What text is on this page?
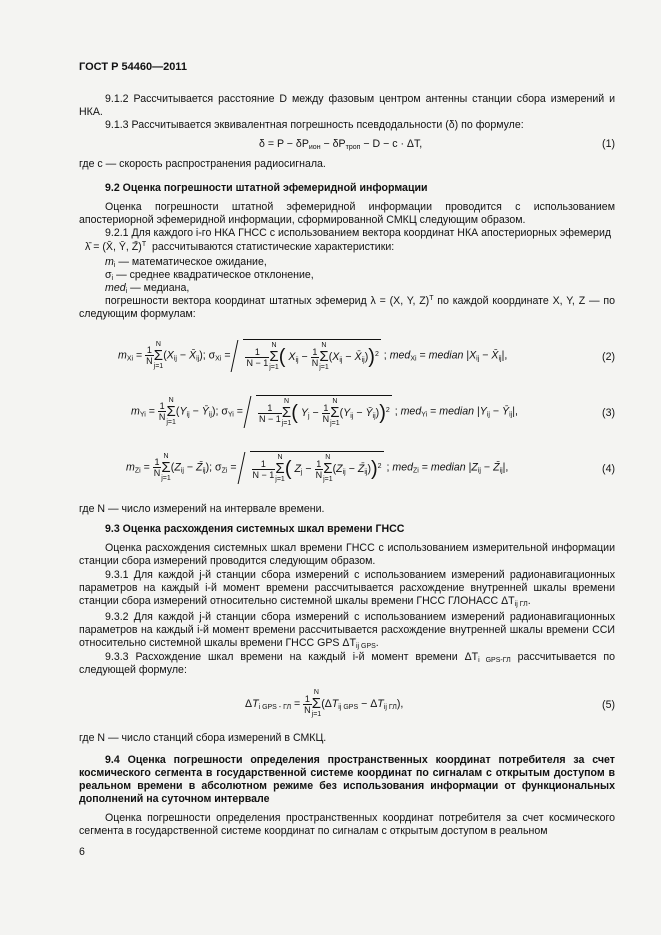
ГОСТ Р 54460—2011
9.1.2 Рассчитывается расстояние D между фазовым центром антенны станции сбора измерений и НКА.
9.1.3 Рассчитывается эквивалентная погрешность псевдодальности (δ) по формуле:
$\delta = P - \delta P_{ион} - \delta P_{троп} - D - c \cdot \Delta T$,	(1)
где c — скорость распространения радиосигнала.
9.2 Оценка погрешности штатной эфемеридной информации
Оценка погрешности штатной эфемеридной информации проводится с использованием апостериорной эфемеридной информации, сформированной СМКЦ следующим образом.
9.2.1 Для каждого i-го НКА ГНСС с использованием вектора координат НКА апостериорных эфемерид
λ̄ = (X̄, Ȳ, Z̄)$^T$ рассчитываются статистические характеристики:
$m_i$ — математическое ожидание,
$\sigma_i$ — среднее квадратическое отклонение,
med$_i$ — медиана,
погрешности вектора координат штатных эфемерид λ = (X, Y, Z)$^T$ по каждой координате X, Y, Z — по следующим формулам:
$m_{Xi} = \frac{1}{N}$
N
Σ
$j=1(X_{ij}$ − $X̄_{ij}$); $\sigma_{Xi} = \frac{1}{N - 1}$
N
Σ
j=1( $X_{ij} - \frac{1}{N}$
N
Σ
$j=1(X_{ij}$ − $X̄_{ij}))^2$ ; med$_{Xi}$ = median $|X_{ij}$ − $X̄_{ij}|$,	(2)
$m_{Yi} = \frac{1}{N}$
N
Σ
$j=1(Y_{ij}$ − $Ȳ_{ij}$); $\sigma_{Yi} = \frac{1}{N - 1}$
N
Σ
j=1( $Y_j - \frac{1}{N}$
N
Σ
$j=1(Y_{ij}$ − $Ȳ_{ij}))^2$ ; med$_{Yi}$ = median $|Y_{ij}$ − $Ȳ_{ij}|$,	(3)
$m_{Zi} = \frac{1}{N}$
N
Σ
$j=1(Z_{ij}$ − $Z̄_{ij}$); $\sigma_{Zi} = \frac{1}{N - 1}$
N
Σ
j=1( $Z_j - \frac{1}{N}$
N
Σ
$j=1(Z_{ij}$ − $Z̄_{ij}))^2$ ; med$_{Zi}$ = median $|Z_{ij}$ − $Z̄_{ij}|$,	(4)
где N — число измерений на интервале времени.
9.3 Оценка расхождения системных шкал времени ГНСС
Оценка расхождения системных шкал времени ГНСС с использованием измерительной информации станции сбора измерений проводится следующим образом.
9.3.1 Для каждой j-й станции сбора измерений с использованием измерений радионавигационных параметров на каждый i-й момент времени рассчитывается расхождение внутренней шкалы времени станции сбора измерений относительно системной шкалы времени ГНСС ГЛОНАСС $\Delta T_{ij ГЛ}$.
9.3.2 Для каждой j-й станции сбора измерений с использованием измерений радионавигационных параметров на каждый i-й момент времени рассчитывается расхождение внутренней шкалы времени ССИ относительно системной шкалы времени ГНСС GPS $\Delta T_{ij GPS}$.
9.3.3 Расхождение шкал времени на каждый i-й момент времени $\Delta T_{i GPS-ГЛ}$ рассчитывается по следующей формуле:
$\Delta T_{i GPS - ГЛ} = \frac{1}{N}$
N
Σ
$j=1(\Delta T_{ij GPS} - \Delta T_{ij ГЛ})$,	(5)
где N — число станций сбора измерений в СМКЦ.
9.4 Оценка погрешности определения пространственных координат потребителя за счет космического сегмента в государственной системе координат по сигналам с открытым доступом в реальном времени в абсолютном режиме без использования информации от функциональных дополнений на суточном интервале
Оценка погрешности определения пространственных координат потребителя за счет космического сегмента в государственной системе координат по сигналам с открытым доступом в реальном
6
